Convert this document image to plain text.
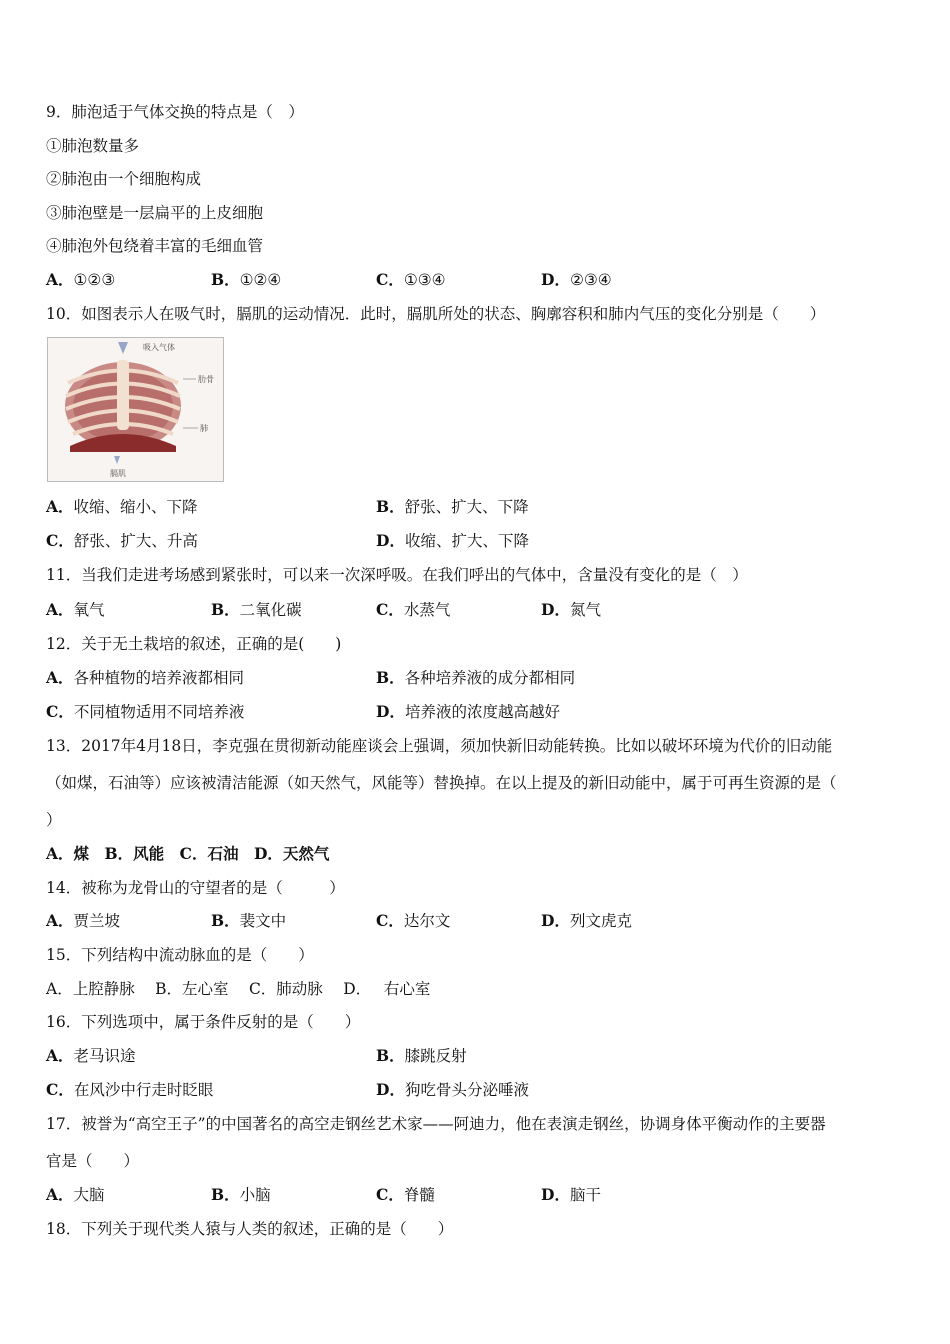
9．肺泡适于气体交换的特点是（　）
①肺泡数量多
②肺泡由一个细胞构成
③肺泡壁是一层扁平的上皮细胞
④肺泡外包绕着丰富的毛细血管
A．①②③	B．①②④	C．①③④	D．②③④
10．如图表示人在吸气时，膈肌的运动情况．此时，膈肌所处的状态、胸廓容积和肺内气压的变化分别是（　　）
吸入气体
肋骨
肺
膈肌
A．收缩、缩小、下降	B．舒张、扩大、下降
C．舒张、扩大、升高	D．收缩、扩大、下降
11．当我们走进考场感到紧张时，可以来一次深呼吸。在我们呼出的气体中，含量没有变化的是（　）
A．氧气	B．二氧化碳	C．水蒸气	D．氮气
12．关于无土栽培的叙述，正确的是(　　)
A．各种植物的培养液都相同	B．各种培养液的成分都相同
C．不同植物适用不同培养液	D．培养液的浓度越高越好
13．2017年4月18日，李克强在贯彻新动能座谈会上强调，须加快新旧动能转换。比如以破坏环境为代价的旧动能
（如煤，石油等）应该被清洁能源（如天然气，风能等）替换掉。在以上提及的新旧动能中，属于可再生资源的是（
）
A．煤　B．风能　C．石油　D．天然气
14．被称为龙骨山的守望者的是（　　　）
A．贾兰坡	B．裴文中	C．达尔文	D．列文虎克
15．下列结构中流动脉血的是（　　）
A．上腔静脉　 B．左心室　 C．肺动脉　 D．　 右心室
16．下列选项中，属于条件反射的是（　　）
A．老马识途	B．膝跳反射
C．在风沙中行走时眨眼	D．狗吃骨头分泌唾液
17．被誉为“高空王子”的中国著名的高空走钢丝艺术家——阿迪力，他在表演走钢丝，协调身体平衡动作的主要器
官是（　　）
A．大脑	B．小脑	C．脊髓	D．脑干
18．下列关于现代类人猿与人类的叙述，正确的是（　　）
